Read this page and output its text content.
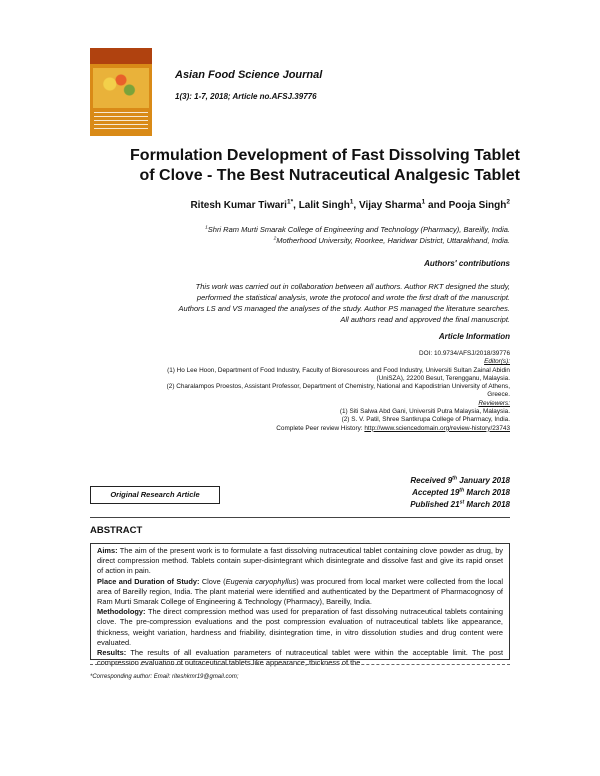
Asian Food Science Journal
1(3): 1-7, 2018; Article no.AFSJ.39776
Formulation Development of Fast Dissolving Tablet
of Clove - The Best Nutraceutical Analgesic Tablet
Ritesh Kumar Tiwari$^{1*}$, Lalit Singh$^1$, Vijay Sharma$^1$ and Pooja Singh$^2$
$^1$Shri Ram Murti Smarak College of Engineering and Technology (Pharmacy), Bareilly, India.
$^2$Motherhood University, Roorkee, Haridwar District, Uttarakhand, India.
Authors' contributions
This work was carried out in collaboration between all authors. Author RKT designed the study,
performed the statistical analysis, wrote the protocol and wrote the first draft of the manuscript.
Authors LS and VS managed the analyses of the study. Author PS managed the literature searches.
All authors read and approved the final manuscript.
Article Information
DOI: 10.9734/AFSJ/2018/39776
Editor(s):
(1) Ho Lee Hoon, Department of Food Industry, Faculty of Bioresources and Food Industry, Universiti Sultan Zainal Abidin
(UniSZA), 22200 Besut, Terengganu, Malaysia.
(2) Charalampos Proestos, Assistant Professor, Department of Chemistry, National and Kapodistrian University of Athens,
Greece.
Reviewers:
(1) Siti Salwa Abd Gani, Universiti Putra Malaysia, Malaysia.
(2) S. V. Patil, Shree Santkrupa College of Pharmacy, India.
Complete Peer review History: http://www.sciencedomain.org/review-history/23743
Original Research Article
Received 9th January 2018
Accepted 19th March 2018
Published 21st March 2018
ABSTRACT
Aims: The aim of the present work is to formulate a fast dissolving nutraceutical tablet containing clove powder as drug, by direct compression method. Tablets contain super-disintegrant which disintegrate and dissolve fast and give its rapid onset of action in pain.
Place and Duration of Study: Clove (Eugenia caryophyllus) was procured from local market were collected from the local area of Bareilly region, India. The plant material were identified and authenticated by the Department of Pharmacognosy of Ram Murti Smarak College of Engineering & Technology (Pharmacy), Bareilly, India.
Methodology: The direct compression method was used for preparation of fast dissolving nutraceutical tablets containing clove. The pre-compression evaluations and the post compression evaluation of nutraceutical tablets like appearance, thickness, weight variation, hardness and friability, disintegration time, in vitro dissolution studies and drug content were evaluated.
Results: The results of all evaluation parameters of nutraceutical tablet were within the acceptable limit. The post compression evaluation of nutraceutical tablets like appearance, thickness of the
*Corresponding author: Email: riteshkmr19@gmail.com;
